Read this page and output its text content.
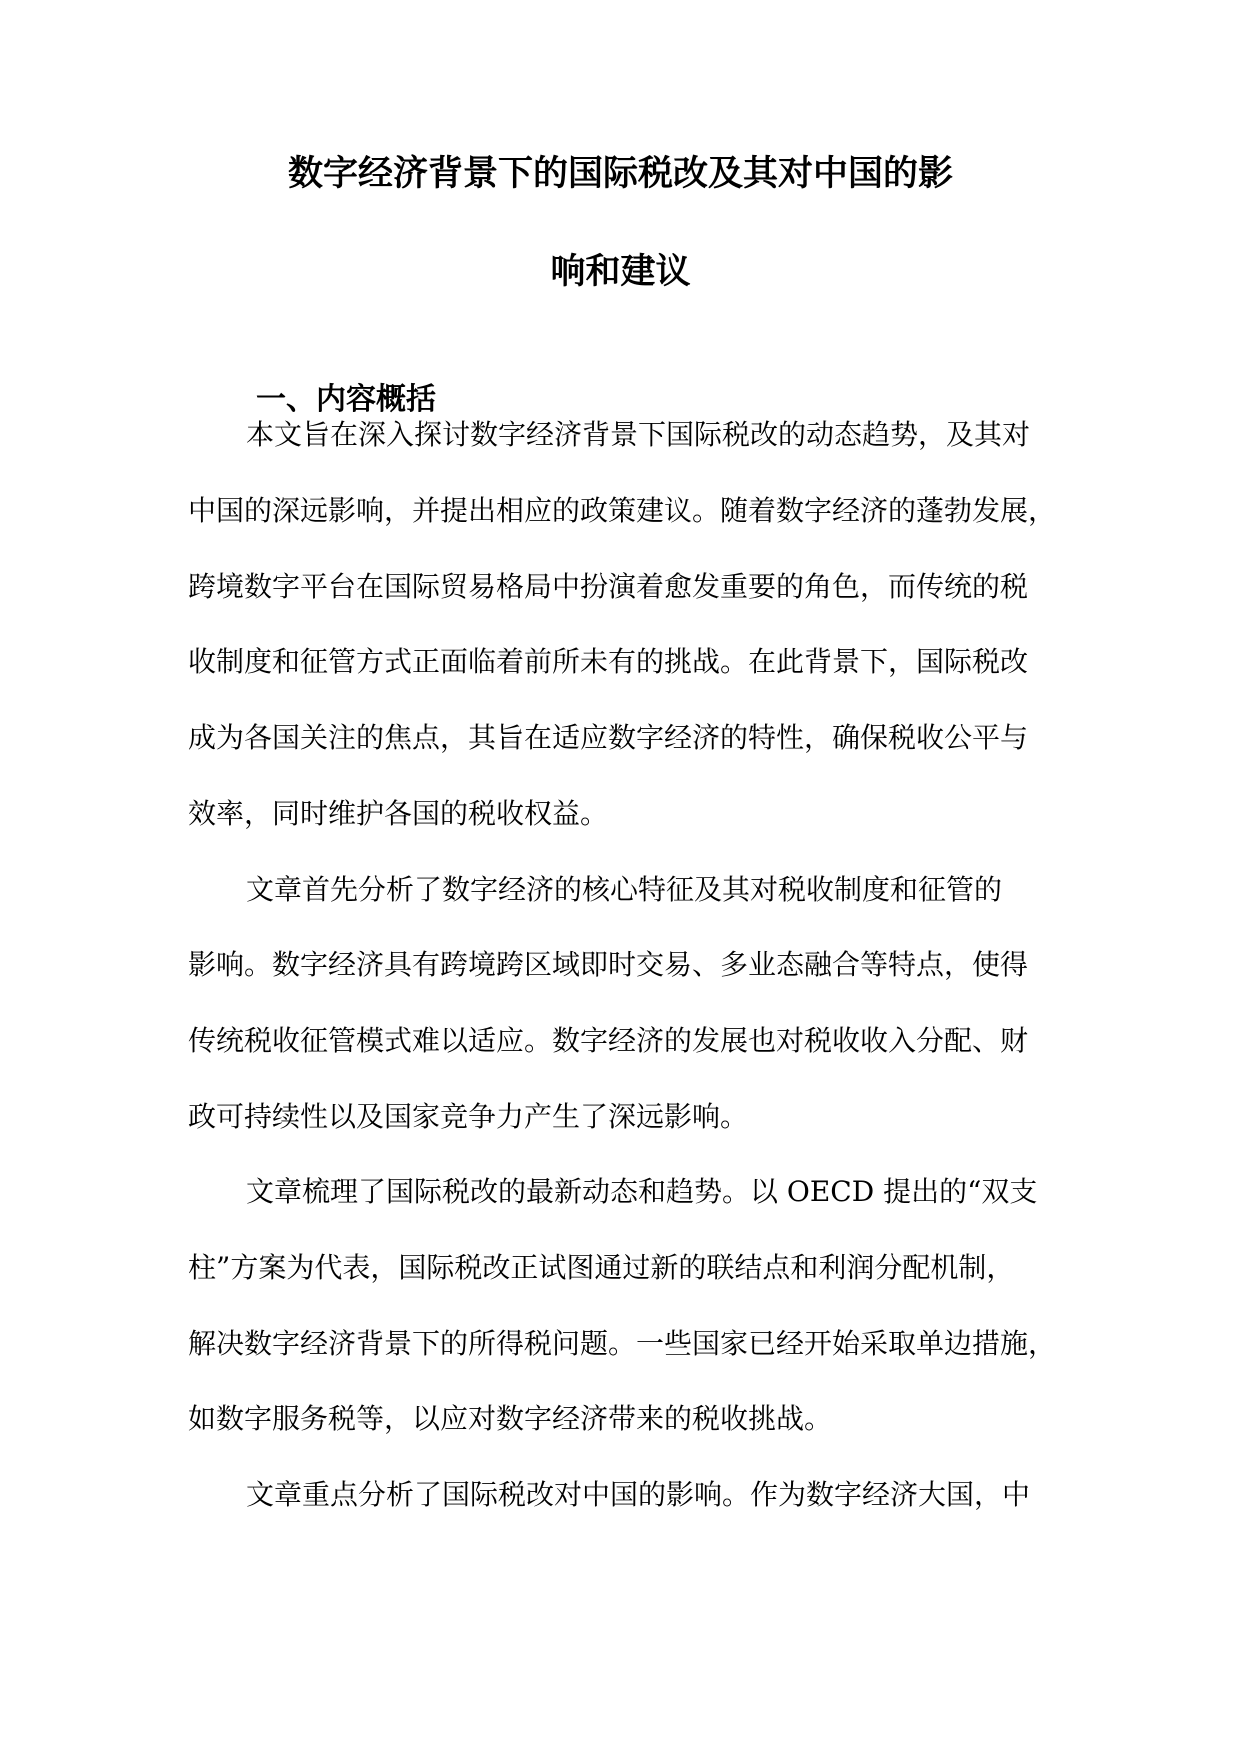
数字经济背景下的国际税改及其对中国的影
响和建议
一、内容概括
本文旨在深入探讨数字经济背景下国际税改的动态趋势，及其对
中国的深远影响，并提出相应的政策建议。随着数字经济的蓬勃发展，
跨境数字平台在国际贸易格局中扮演着愈发重要的角色，而传统的税
收制度和征管方式正面临着前所未有的挑战。在此背景下，国际税改
成为各国关注的焦点，其旨在适应数字经济的特性，确保税收公平与
效率，同时维护各国的税收权益。
文章首先分析了数字经济的核心特征及其对税收制度和征管的
影响。数字经济具有跨境跨区域即时交易、多业态融合等特点，使得
传统税收征管模式难以适应。数字经济的发展也对税收收入分配、财
政可持续性以及国家竞争力产生了深远影响。
文章梳理了国际税改的最新动态和趋势。以 OECD 提出的“双支
柱”方案为代表，国际税改正试图通过新的联结点和利润分配机制，
解决数字经济背景下的所得税问题。一些国家已经开始采取单边措施，
如数字服务税等，以应对数字经济带来的税收挑战。
文章重点分析了国际税改对中国的影响。作为数字经济大国，中
